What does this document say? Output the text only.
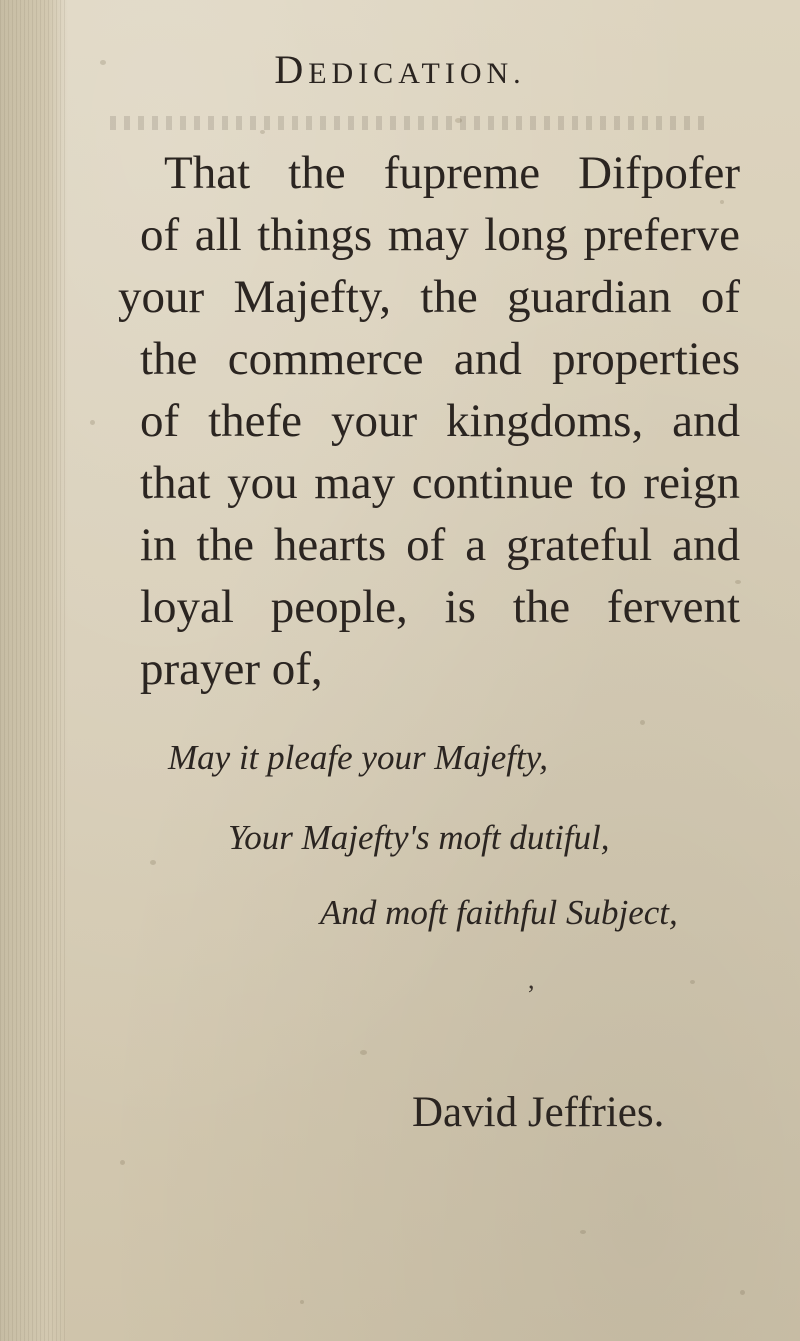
DEDICATION.
That the fupreme Difpofer
of all things may long preferve
your Majefty, the guardian of
the commerce and properties
of thefe your kingdoms, and
that you may continue to reign
in the hearts of a grateful and
loyal people, is the fervent
prayer of,
May it pleafe your Majefty,
Your Majefty's moft dutiful,
And moft faithful Subject,
,
David Jeffries.
